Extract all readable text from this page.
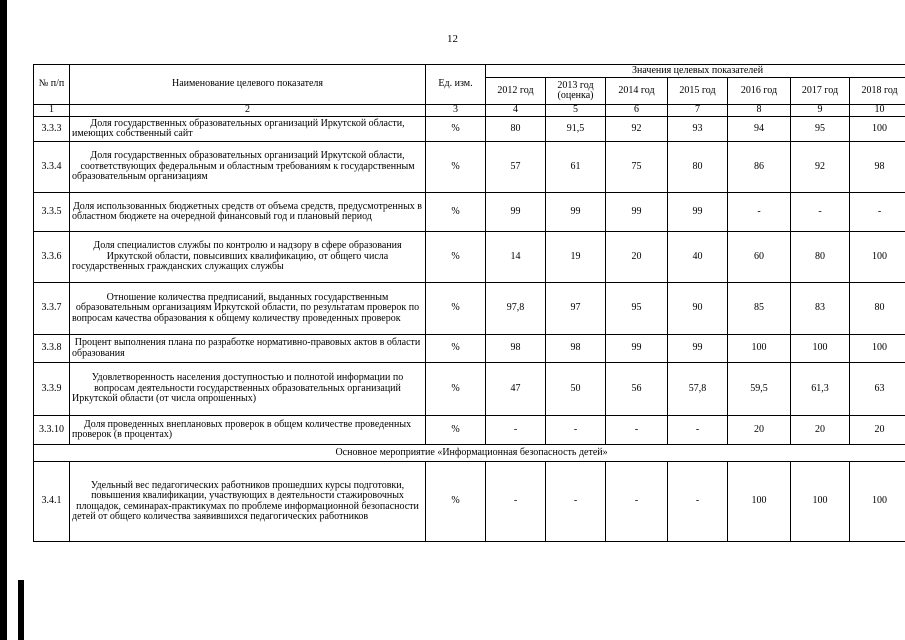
12
№ п/п	Наименование целевого показателя	Ед. изм.	Значения целевых показателей						
			2012 год	2013 год (оценка)	2014 год	2015 год	2016 год	2017 год	2018 год
1	2	3	4	5	6	7	8	9	10
3.3.3	Доля государственных образовательных организаций Иркутской области, имеющих собственный сайт	%	80	91,5	92	93	94	95	100
3.3.4	Доля государственных образовательных организаций Иркутской области, соответствующих федеральным и областным требованиям к государственным образовательным организациям	%	57	61	75	80	86	92	98
3.3.5	Доля использованных бюджетных средств от объема средств, предусмотренных в областном бюджете на очередной финансовый год и плановый период	%	99	99	99	99	-	-	-
3.3.6	Доля специалистов службы по контролю и надзору в сфере образования Иркутской области, повысивших квалификацию, от общего числа государственных гражданских служащих службы	%	14	19	20	40	60	80	100
3.3.7	Отношение количества предписаний, выданных государственным образовательным организациям Иркутской области, по результатам проверок по вопросам качества образования к общему количеству проведенных проверок	%	97,8	97	95	90	85	83	80
3.3.8	Процент выполнения плана по разработке нормативно-правовых актов в области образования	%	98	98	99	99	100	100	100
3.3.9	Удовлетворенность населения доступностью и полнотой информации по вопросам деятельности государственных образовательных организаций Иркутской области (от числа опрошенных)	%	47	50	56	57,8	59,5	61,3	63
3.3.10	Доля проведенных внеплановых проверок в общем количестве проведенных проверок (в процентах)	%	-	-	-	-	20	20	20
Основное мероприятие «Информационная безопасность детей»									
3.4.1	Удельный вес педагогических работников прошедших курсы подготовки, повышения квалификации, участвующих в деятельности стажировочных площадок, семинарах-практикумах по проблеме информационной безопасности детей от общего количества заявившихся педагогических работников	%	-	-	-	-	100	100	100
